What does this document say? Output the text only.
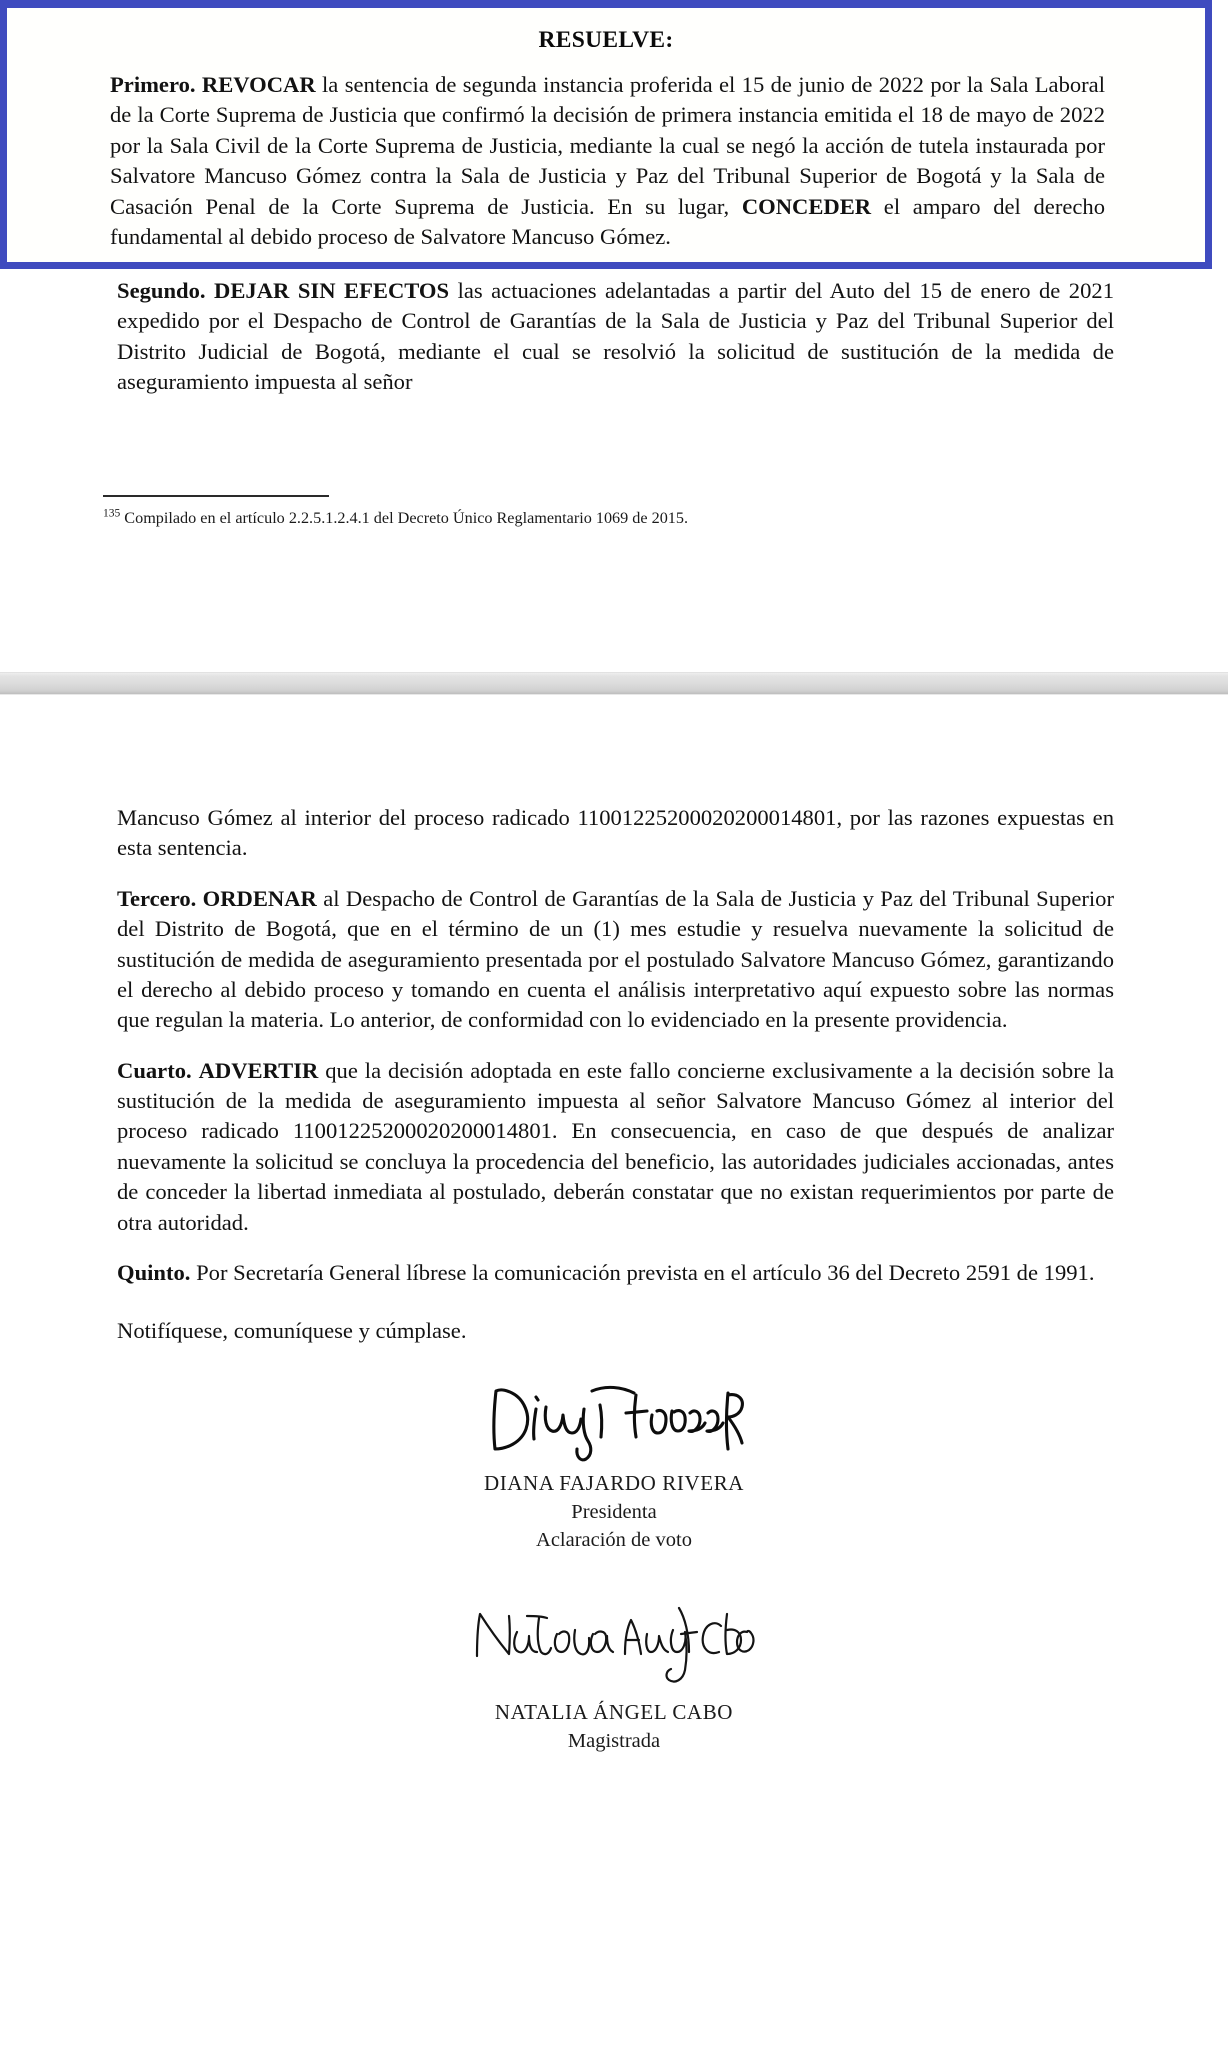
RESUELVE:

Primero. REVOCAR la sentencia de segunda instancia proferida el 15 de junio de 2022 por la Sala Laboral de la Corte Suprema de Justicia que confirmó la decisión de primera instancia emitida el 18 de mayo de 2022 por la Sala Civil de la Corte Suprema de Justicia, mediante la cual se negó la acción de tutela instaurada por Salvatore Mancuso Gómez contra la Sala de Justicia y Paz del Tribunal Superior de Bogotá y la Sala de Casación Penal de la Corte Suprema de Justicia. En su lugar, CONCEDER el amparo del derecho fundamental al debido proceso de Salvatore Mancuso Gómez.

Segundo. DEJAR SIN EFECTOS las actuaciones adelantadas a partir del Auto del 15 de enero de 2021 expedido por el Despacho de Control de Garantías de la Sala de Justicia y Paz del Tribunal Superior del Distrito Judicial de Bogotá, mediante el cual se resolvió la solicitud de sustitución de la medida de aseguramiento impuesta al señor

$^{135}$ Compilado en el artículo 2.2.5.1.2.4.1 del Decreto Único Reglamentario 1069 de 2015.

Mancuso Gómez al interior del proceso radicado 11001225200020200014801, por las razones expuestas en esta sentencia.

Tercero. ORDENAR al Despacho de Control de Garantías de la Sala de Justicia y Paz del Tribunal Superior del Distrito de Bogotá, que en el término de un (1) mes estudie y resuelva nuevamente la solicitud de sustitución de medida de aseguramiento presentada por el postulado Salvatore Mancuso Gómez, garantizando el derecho al debido proceso y tomando en cuenta el análisis interpretativo aquí expuesto sobre las normas que regulan la materia. Lo anterior, de conformidad con lo evidenciado en la presente providencia.

Cuarto. ADVERTIR que la decisión adoptada en este fallo concierne exclusivamente a la decisión sobre la sustitución de la medida de aseguramiento impuesta al señor Salvatore Mancuso Gómez al interior del proceso radicado 11001225200020200014801. En consecuencia, en caso de que después de analizar nuevamente la solicitud se concluya la procedencia del beneficio, las autoridades judiciales accionadas, antes de conceder la libertad inmediata al postulado, deberán constatar que no existan requerimientos por parte de otra autoridad.

Quinto. Por Secretaría General líbrese la comunicación prevista en el artículo 36 del Decreto 2591 de 1991.

Notifíquese, comuníquese y cúmplase.
DIANA FAJARDO RIVERA
Presidenta
Aclaración de voto
NATALIA ÁNGEL CABO
Magistrada
